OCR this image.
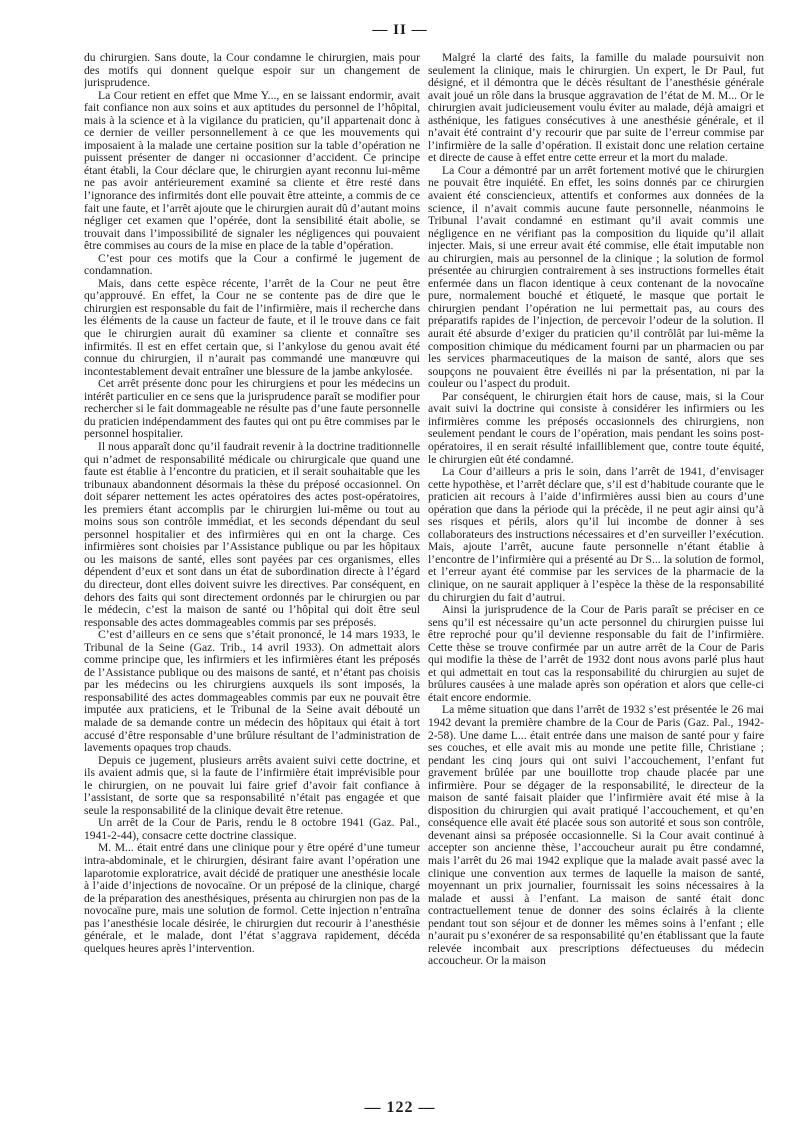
— II —

du chirurgien. Sans doute, la Cour condamne le chirurgien, mais pour des motifs qui donnent quelque espoir sur un changement de jurisprudence.

La Cour retient en effet que Mme Y..., en se laissant endormir, avait fait confiance non aux soins et aux aptitudes du personnel de l’hôpital, mais à la science et à la vigilance du praticien, qu’il appartenait donc à ce dernier de veiller personnellement à ce que les mouvements qui imposaient à la malade une certaine position sur la table d’opération ne puissent présenter de danger ni occasionner d’accident. Ce principe étant établi, la Cour déclare que, le chirurgien ayant reconnu lui-même ne pas avoir antérieurement examiné sa cliente et être resté dans l’ignorance des infirmités dont elle pouvait être atteinte, a commis de ce fait une faute, et l’arrêt ajoute que le chirurgien aurait dû d’autant moins négliger cet examen que l’opérée, dont la sensibilité était abolie, se trouvait dans l’impossibilité de signaler les négligences qui pouvaient être commises au cours de la mise en place de la table d’opération.

C’est pour ces motifs que la Cour a confirmé le jugement de condamnation.

Mais, dans cette espèce récente, l’arrêt de la Cour ne peut être qu’approuvé. En effet, la Cour ne se contente pas de dire que le chirurgien est responsable du fait de l’infirmière, mais il recherche dans les éléments de la cause un facteur de faute, et il le trouve dans ce fait que le chirurgien aurait dû examiner sa cliente et connaître ses infirmités. Il est en effet certain que, si l’ankylose du genou avait été connue du chirurgien, il n’aurait pas commandé une manœuvre qui incontestablement devait entraîner une blessure de la jambe ankylosée.

Cet arrêt présente donc pour les chirurgiens et pour les médecins un intérêt particulier en ce sens que la jurisprudence paraît se modifier pour rechercher si le fait dommageable ne résulte pas d’une faute personnelle du praticien indépendamment des fautes qui ont pu être commises par le personnel hospitalier.

Il nous apparaît donc qu’il faudrait revenir à la doctrine traditionnelle qui n’admet de responsabilité médicale ou chirurgicale que quand une faute est établie à l’encontre du praticien, et il serait souhaitable que les tribunaux abandonnent désormais la thèse du préposé occasionnel. On doit séparer nettement les actes opératoires des actes post-opératoires, les premiers étant accomplis par le chirurgien lui-même ou tout au moins sous son contrôle immédiat, et les seconds dépendant du seul personnel hospitalier et des infirmières qui en ont la charge. Ces infirmières sont choisies par l’Assistance publique ou par les hôpitaux ou les maisons de santé, elles sont payées par ces organismes, elles dépendent d’eux et sont dans un état de subordination directe à l’égard du directeur, dont elles doivent suivre les directives. Par conséquent, en dehors des faits qui sont directement ordonnés par le chirurgien ou par le médecin, c’est la maison de santé ou l’hôpital qui doit être seul responsable des actes dommageables commis par ses préposés.

C’est d’ailleurs en ce sens que s’était prononcé, le 14 mars 1933, le Tribunal de la Seine (Gaz. Trib., 14 avril 1933). On admettait alors comme principe que, les infirmiers et les infirmières étant les préposés de l’Assistance publique ou des maisons de santé, et n’étant pas choisis par les médecins ou les chirurgiens auxquels ils sont imposés, la responsabilité des actes dommageables commis par eux ne pouvait être imputée aux praticiens, et le Tribunal de la Seine avait débouté un malade de sa demande contre un médecin des hôpitaux qui était à tort accusé d’être responsable d’une brûlure résultant de l’administration de lavements opaques trop chauds.

Depuis ce jugement, plusieurs arrêts avaient suivi cette doctrine, et ils avaient admis que, si la faute de l’infirmière était imprévisible pour le chirurgien, on ne pouvait lui faire grief d’avoir fait confiance à l’assistant, de sorte que sa responsabilité n’était pas engagée et que seule la responsabilité de la clinique devait être retenue.

Un arrêt de la Cour de Paris, rendu le 8 octobre 1941 (Gaz. Pal., 1941-2-44), consacre cette doctrine classique.

M. M... était entré dans une clinique pour y être opéré d’une tumeur intra-abdominale, et le chirurgien, désirant faire avant l’opération une laparotomie exploratrice, avait décidé de pratiquer une anesthésie locale à l’aide d’injections de novocaïne. Or un préposé de la clinique, chargé de la préparation des anesthésiques, présenta au chirurgien non pas de la novocaïne pure, mais une solution de formol. Cette injection n’entraîna pas l’anesthésie locale désirée, le chirurgien dut recourir à l’anesthésie générale, et le malade, dont l’état s’aggrava rapidement, décéda quelques heures après l’intervention.

Malgré la clarté des faits, la famille du malade poursuivit non seulement la clinique, mais le chirurgien. Un expert, le Dr Paul, fut désigné, et il démontra que le décès résultant de l’anesthésie générale avait joué un rôle dans la brusque aggravation de l’état de M. M... Or le chirurgien avait judicieusement voulu éviter au malade, déjà amaigri et asthénique, les fatigues consécutives à une anesthésie générale, et il n’avait été contraint d’y recourir que par suite de l’erreur commise par l’infirmière de la salle d’opération. Il existait donc une relation certaine et directe de cause à effet entre cette erreur et la mort du malade.

La Cour a démontré par un arrêt fortement motivé que le chirurgien ne pouvait être inquiété. En effet, les soins donnés par ce chirurgien avaient été consciencieux, attentifs et conformes aux données de la science, il n’avait commis aucune faute personnelle, néanmoins le Tribunal l’avait condamné en estimant qu’il avait commis une négligence en ne vérifiant pas la composition du liquide qu’il allait injecter. Mais, si une erreur avait été commise, elle était imputable non au chirurgien, mais au personnel de la clinique ; la solution de formol présentée au chirurgien contrairement à ses instructions formelles était enfermée dans un flacon identique à ceux contenant de la novocaïne pure, normalement bouché et étiqueté, le masque que portait le chirurgien pendant l’opération ne lui permettait pas, au cours des préparatifs rapides de l’injection, de percevoir l’odeur de la solution. Il aurait été absurde d’exiger du praticien qu’il contrôlât par lui-même la composition chimique du médicament fourni par un pharmacien ou par les services pharmaceutiques de la maison de santé, alors que ses soupçons ne pouvaient être éveillés ni par la présentation, ni par la couleur ou l’aspect du produit.

Par conséquent, le chirurgien était hors de cause, mais, si la Cour avait suivi la doctrine qui consiste à considérer les infirmiers ou les infirmières comme les préposés occasionnels des chirurgiens, non seulement pendant le cours de l’opération, mais pendant les soins post-opératoires, il en serait résulté infailliblement que, contre toute équité, le chirurgien eût été condamné.

La Cour d’ailleurs a pris le soin, dans l’arrêt de 1941, d’envisager cette hypothèse, et l’arrêt déclare que, s’il est d’habitude courante que le praticien ait recours à l’aide d’infirmières aussi bien au cours d’une opération que dans la période qui la précède, il ne peut agir ainsi qu’à ses risques et périls, alors qu’il lui incombe de donner à ses collaborateurs des instructions nécessaires et d’en surveiller l’exécution. Mais, ajoute l’arrêt, aucune faute personnelle n’étant établie à l’encontre de l’infirmière qui a présenté au Dr S... la solution de formol, et l’erreur ayant été commise par les services de la pharmacie de la clinique, on ne saurait appliquer à l’espèce la thèse de la responsabilité du chirurgien du fait d’autrui.

Ainsi la jurisprudence de la Cour de Paris paraît se préciser en ce sens qu’il est nécessaire qu’un acte personnel du chirurgien puisse lui être reproché pour qu’il devienne responsable du fait de l’infirmière. Cette thèse se trouve confirmée par un autre arrêt de la Cour de Paris qui modifie la thèse de l’arrêt de 1932 dont nous avons parlé plus haut et qui admettait en tout cas la responsabilité du chirurgien au sujet de brûlures causées à une malade après son opération et alors que celle-ci était encore endormie.

La même situation que dans l’arrêt de 1932 s’est présentée le 26 mai 1942 devant la première chambre de la Cour de Paris (Gaz. Pal., 1942-2-58). Une dame L... était entrée dans une maison de santé pour y faire ses couches, et elle avait mis au monde une petite fille, Christiane ; pendant les cinq jours qui ont suivi l’accouchement, l’enfant fut gravement brûlée par une bouillotte trop chaude placée par une infirmière. Pour se dégager de la responsabilité, le directeur de la maison de santé faisait plaider que l’infirmière avait été mise à la disposition du chirurgien qui avait pratiqué l’accouchement, et qu’en conséquence elle avait été placée sous son autorité et sous son contrôle, devenant ainsi sa préposée occasionnelle. Si la Cour avait continué à accepter son ancienne thèse, l’accoucheur aurait pu être condamné, mais l’arrêt du 26 mai 1942 explique que la malade avait passé avec la clinique une convention aux termes de laquelle la maison de santé, moyennant un prix journalier, fournissait les soins nécessaires à la malade et aussi à l’enfant. La maison de santé était donc contractuellement tenue de donner des soins éclairés à la cliente pendant tout son séjour et de donner les mêmes soins à l’enfant ; elle n’aurait pu s’exonérer de sa responsabilité qu’en établissant que la faute relevée incombait aux prescriptions défectueuses du médecin accoucheur. Or la maison

— 122 —
